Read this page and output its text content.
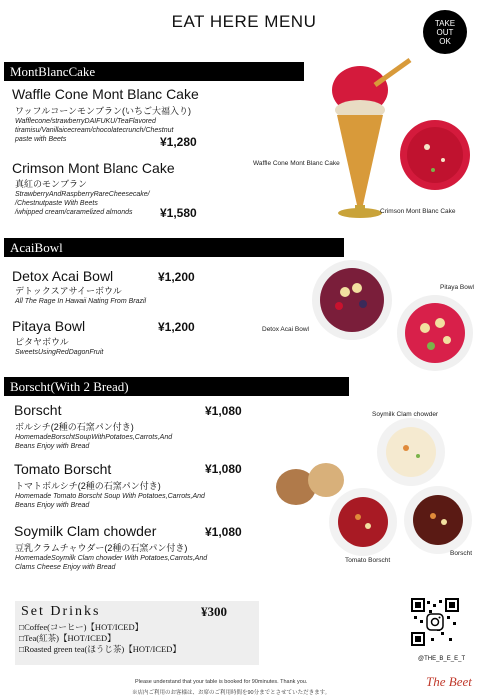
EAT HERE MENU	TAKE
OUT
OK
MontBlancCake
Waffle Cone Mont Blanc Cake
ワッフルコーンモンブラン(いちご大福入り)
Wafflecone/strawberryDAIFUKU/TeaFlavored
tiramisu/Vanillaicecream/chocolatecrunch/Chestnut
paste with Beets	¥1,280
Crimson Mont Blanc Cake
真紅のモンブラン
StrawberryAndRaspberryRareCheesecake/
/Chestnutpaste With Beets
/whipped cream/caramelized almonds	¥1,580
Waffle Cone Mont Blanc Cake
Crimson Mont Blanc Cake
AcaiBowl
Detox Acai Bowl	¥1,200
デトックスアサイーボウル
All The Rage In Hawaii Nating From Brazil
Pitaya Bowl	¥1,200
ピタヤボウル
SweetsUsingRedDagonFruit
Detox Acai Bowl
Pitaya Bowl
Borscht(With 2 Bread)
Borscht	¥1,080
ボルシチ(2種の石窯パン付き)
HomemadeBorschtSoupWithPotatoes,Carrots,And
Beans Enjoy with Bread
Tomato Borscht	¥1,080
トマトボルシチ(2種の石窯パン付き)
Homemade Tomato Borscht Soup With Potatoes,Carrots,And
Beans Enjoy with Bread
Soymilk Clam chowder	¥1,080
豆乳クラムチャウダー(2種の石窯パン付き)
HomemadeSoymilk Clam chowder With Potatoes,Carrots,And
Clams Cheese Enjoy with Bread
Soymilk Clam chowder
Tomato Borscht
Borscht
Set Drinks	¥300
□Coffee(コーヒー)【HOT/ICED】
□Tea(紅茶)【HOT/ICED】
□Roasted green tea(ほうじ茶)【HOT/ICED】
@THE_B_E_E_T
The Beet
Please understand that your table is booked for 90minutes. Thank you.
※店内ご利用のお客様は、お席のご利用時間を90分までとさせていただきます。
